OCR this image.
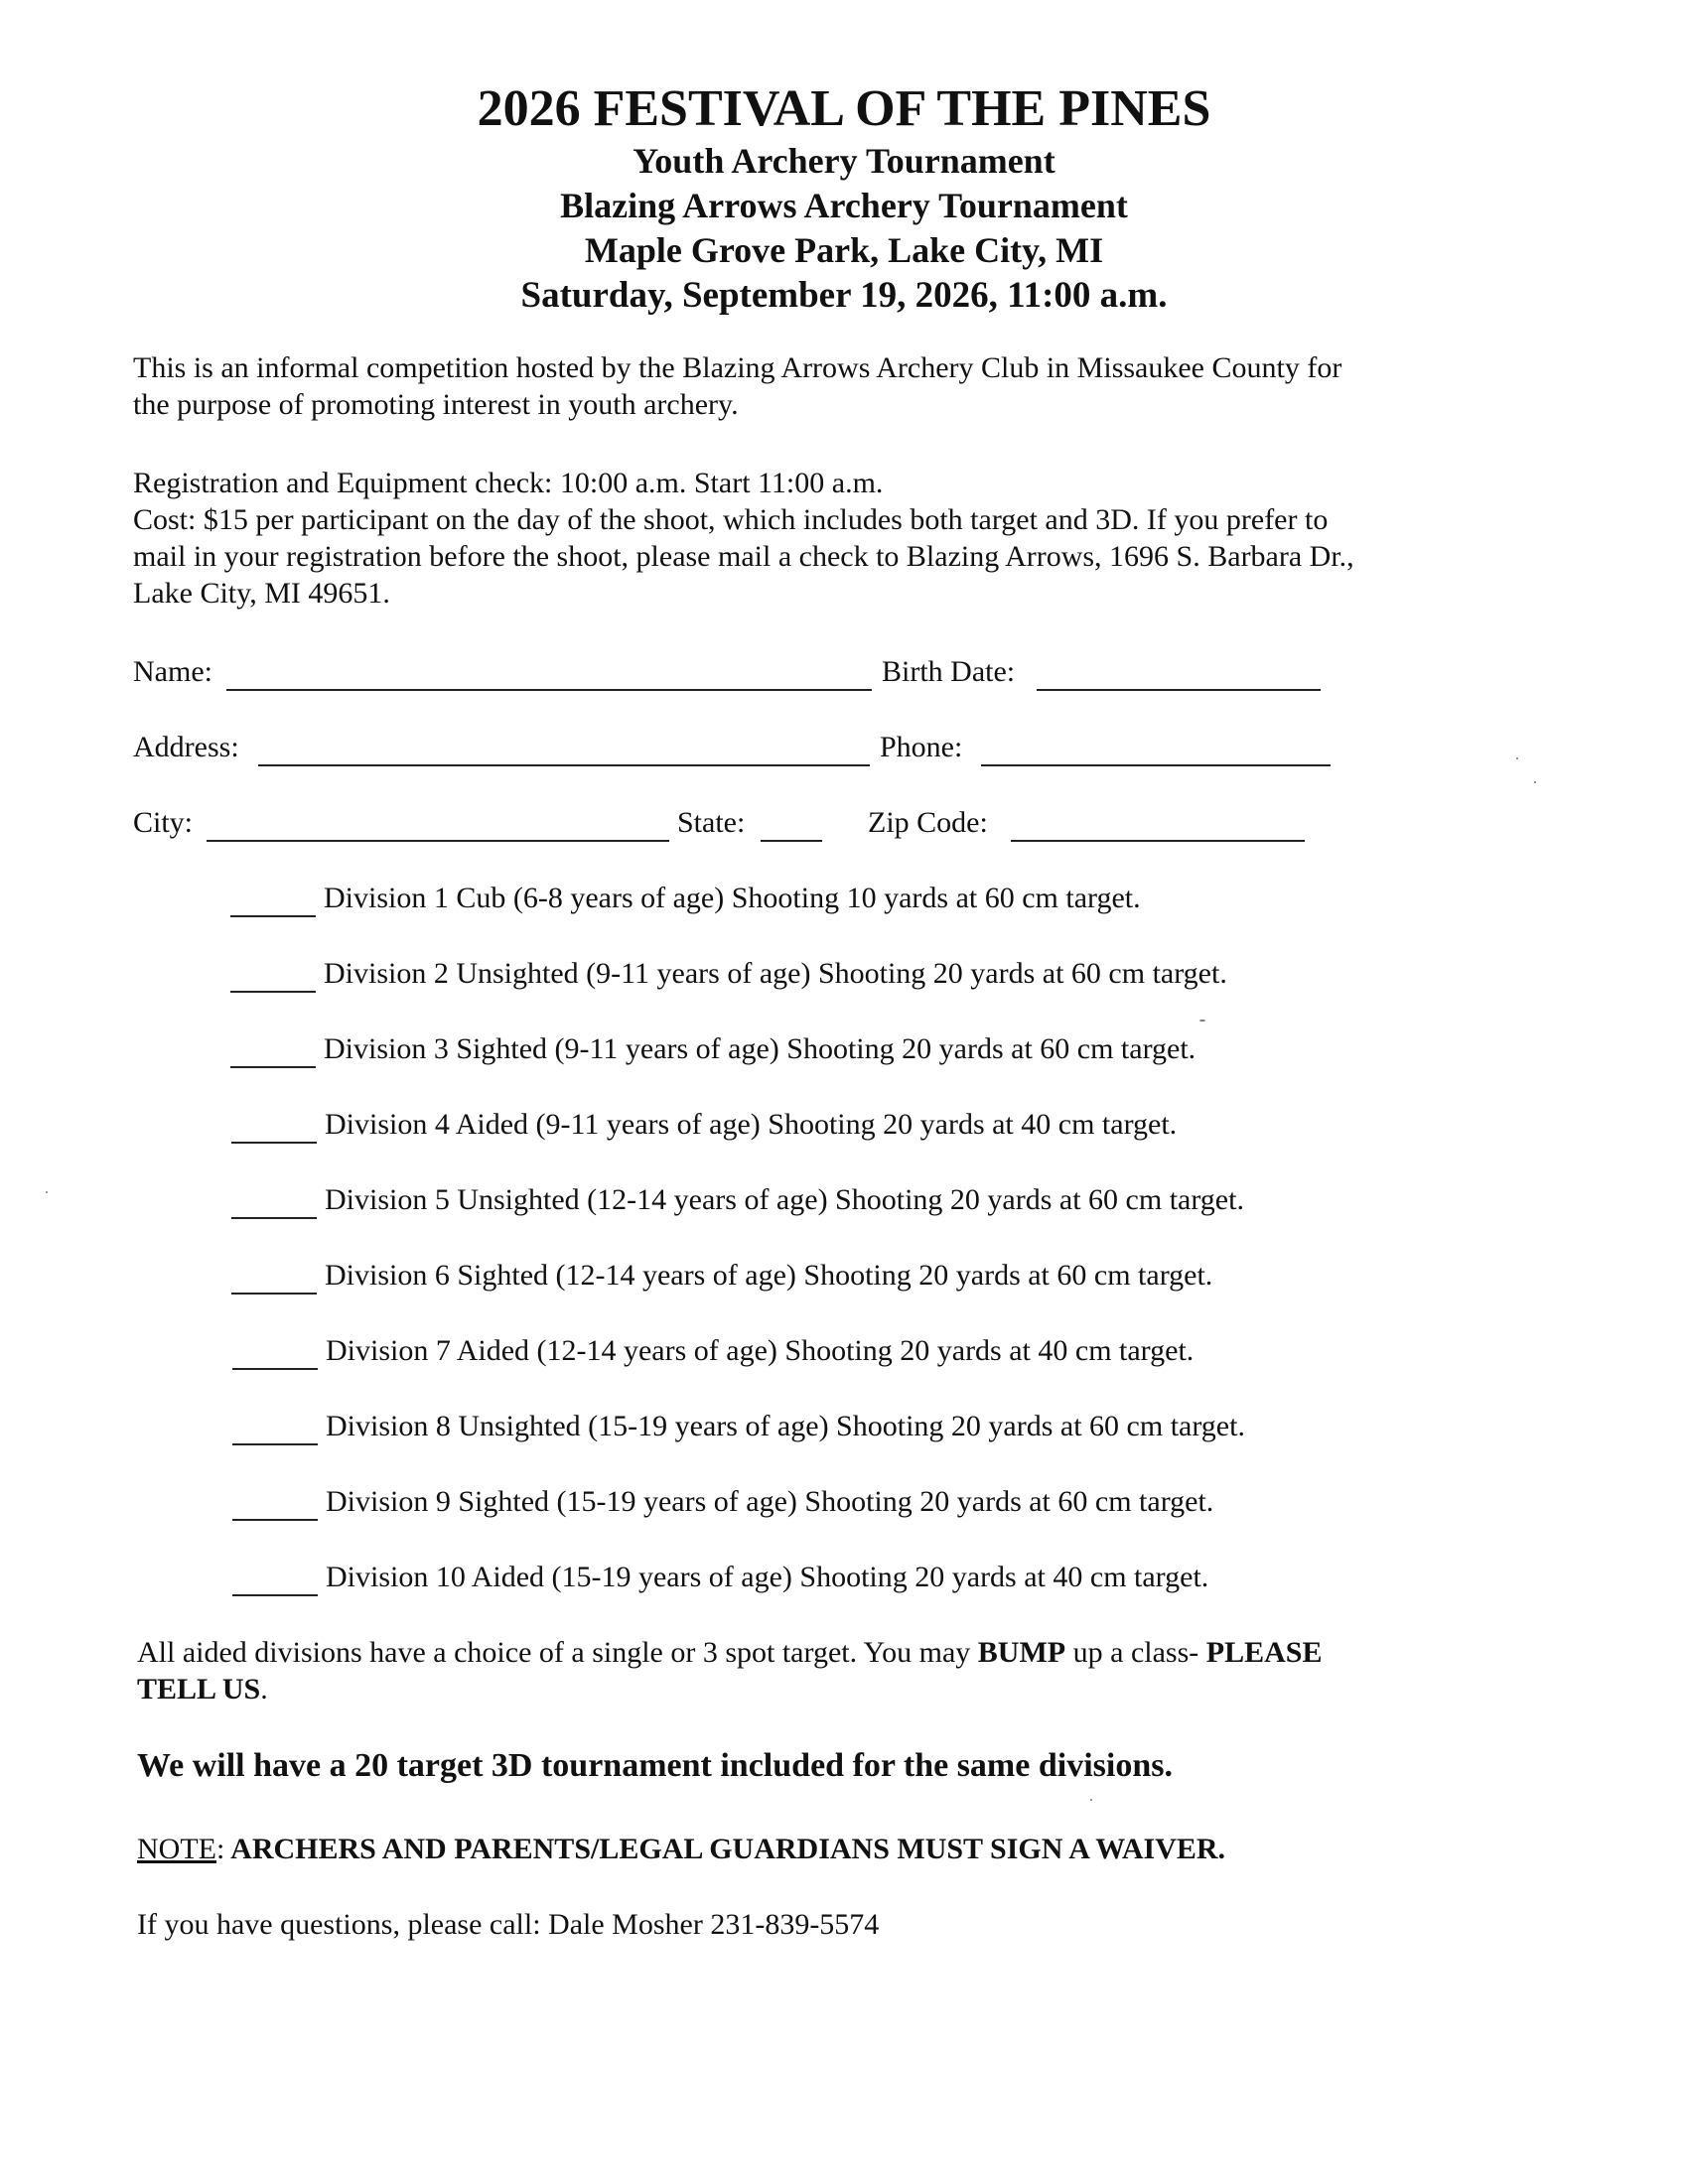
2026 FESTIVAL OF THE PINES
Youth Archery Tournament
Blazing Arrows Archery Tournament
Maple Grove Park, Lake City, MI
Saturday, September 19, 2026, 11:00 a.m.
This is an informal competition hosted by the Blazing Arrows Archery Club in Missaukee County for
the purpose of promoting interest in youth archery.
Registration and Equipment check: 10:00 a.m. Start 11:00 a.m.
Cost: $15 per participant on the day of the shoot, which includes both target and 3D. If you prefer to
mail in your registration before the shoot, please mail a check to Blazing Arrows, 1696 S. Barbara Dr.,
Lake City, MI 49651.
Name:	Birth Date:
Address:	Phone:
City:	State:	Zip Code:
Division 1 Cub (6-8 years of age) Shooting 10 yards at 60 cm target.
Division 2 Unsighted (9-11 years of age) Shooting 20 yards at 60 cm target.
Division 3 Sighted (9-11 years of age) Shooting 20 yards at 60 cm target.
Division 4 Aided (9-11 years of age) Shooting 20 yards at 40 cm target.
Division 5 Unsighted (12-14 years of age) Shooting 20 yards at 60 cm target.
Division 6 Sighted (12-14 years of age) Shooting 20 yards at 60 cm target.
Division 7 Aided (12-14 years of age) Shooting 20 yards at 40 cm target.
Division 8 Unsighted (15-19 years of age) Shooting 20 yards at 60 cm target.
Division 9 Sighted (15-19 years of age) Shooting 20 yards at 60 cm target.
Division 10 Aided (15-19 years of age) Shooting 20 yards at 40 cm target.
All aided divisions have a choice of a single or 3 spot target. You may BUMP up a class- PLEASE
TELL US.
We will have a 20 target 3D tournament included for the same divisions.
NOTE: ARCHERS AND PARENTS/LEGAL GUARDIANS MUST SIGN A WAIVER.
If you have questions, please call: Dale Mosher 231-839-5574
